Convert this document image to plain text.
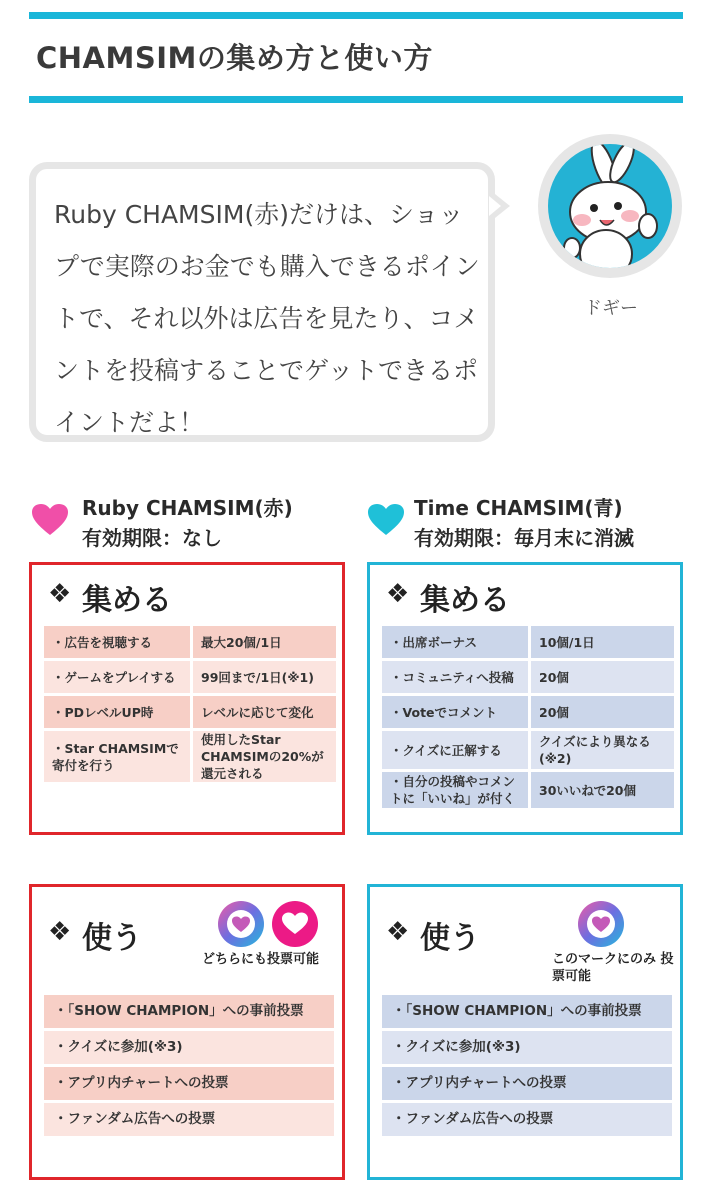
CHAMSIMの集め方と使い方
Ruby CHAMSIM(赤)だけは、ショップで実際のお金でも購入できるポイントで、それ以外は広告を見たり、コメントを投稿することでゲットできるポイントだよ！
ドギー
Ruby CHAMSIM(赤)
有効期限：なし
Time CHAMSIM(青)
有効期限：毎月末に消滅
❖ 集める
・広告を視聴する	最大20個/1日
・ゲームをプレイする	99回まで/1日(※1)
・PDレベルUP時	レベルに応じて変化
・Star CHAMSIMで 寄付を行う	使用したStar CHAMSIMの20%が 還元される
❖ 集める
・出席ボーナス	10個/1日
・コミュニティへ投稿	20個
・Voteでコメント	20個
・クイズに正解する	クイズにより異なる (※2)
・自分の投稿やコメントに「いいね」が付く	30いいねで20個
❖ 使う
どちらにも投票可能
・「SHOW CHAMPION」への事前投票
・クイズに参加(※3)
・アプリ内チャートへの投票
・ファンダム広告への投票
❖ 使う
このマークにのみ 投票可能
・「SHOW CHAMPION」への事前投票
・クイズに参加(※3)
・アプリ内チャートへの投票
・ファンダム広告への投票
